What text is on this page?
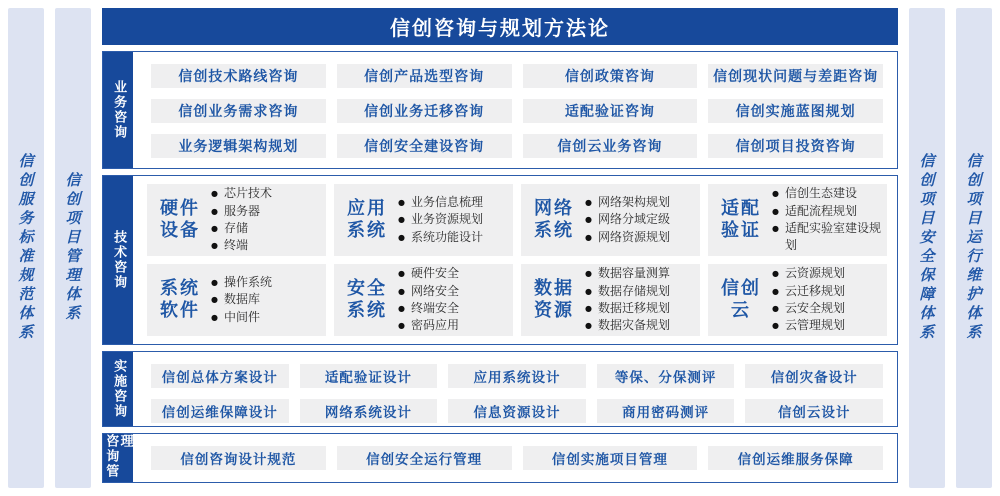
信创服务标准规范体系 信创项目管理体系
信创咨询与规划方法论
业务咨询
信创技术路线咨询	信创产品选型咨询	信创政策咨询	信创现状问题与差距咨询
信创业务需求咨询	信创业务迁移咨询	适配验证咨询	信创实施蓝图规划
业务逻辑架构规划	信创安全建设咨询	信创云业务咨询	信创项目投资咨询
技术咨询
硬件设备
● 芯片技术
● 服务器
● 存储
● 终端
应用系统
● 业务信息梳理
● 业务资源规划
● 系统功能设计
网络系统
● 网络架构规划
● 网络分域定级
● 网络资源规划
适配验证
● 信创生态建设
● 适配流程规划
● 适配实验室建设规划
系统软件
● 操作系统
● 数据库
● 中间件
安全系统
● 硬件安全
● 网络安全
● 终端安全
● 密码应用
数据资源
● 数据容量测算
● 数据存储规划
● 数据迁移规划
● 数据灾备规划
信创云
● 云资源规划
● 云迁移规划
● 云安全规划
● 云管理规划
实施咨询	信创总体方案设计	适配验证设计	应用系统设计	等保、分保测评	信创灾备设计
信创运维保障设计	网络系统设计	信息资源设计	商用密码测评	信创云设计
咨询管理
信创咨询设计规范	信创安全运行管理	信创实施项目管理	信创运维服务保障
信创项目安全保障体系 信创项目运行维护体系
